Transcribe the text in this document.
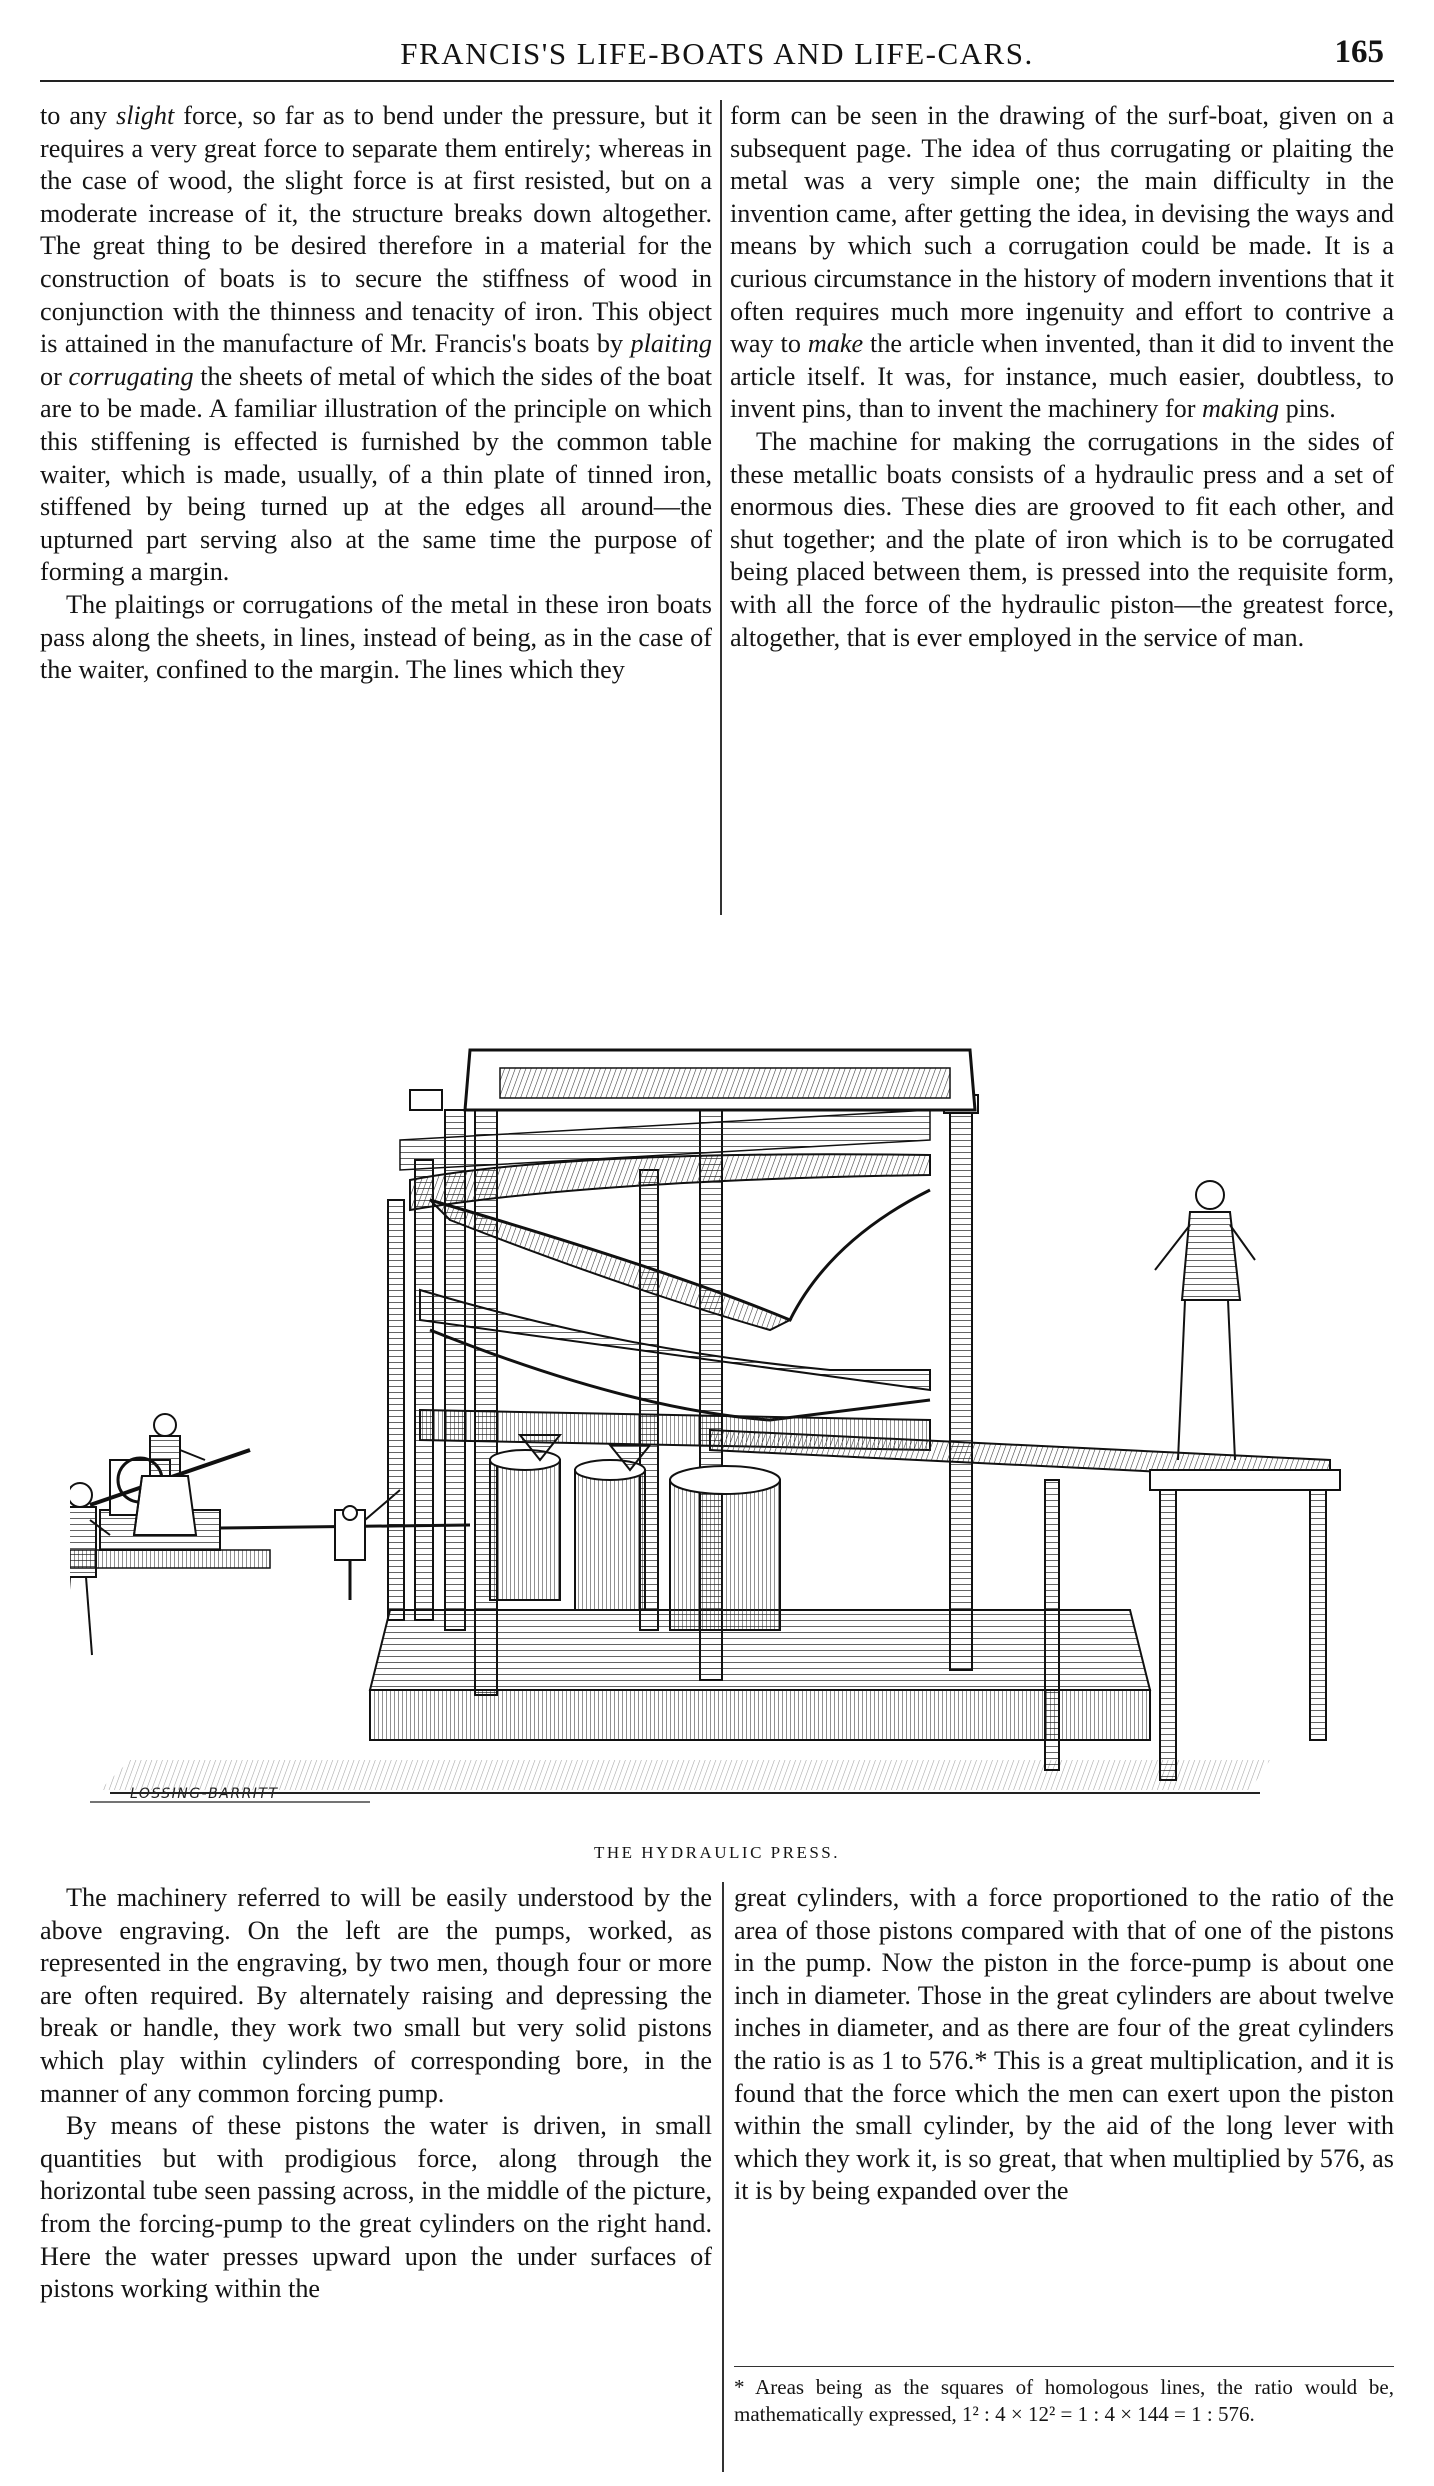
FRANCIS'S LIFE-BOATS AND LIFE-CARS.	165

to any slight force, so far as to bend under the pressure, but it requires a very great force to separate them entirely; whereas in the case of wood, the slight force is at first resisted, but on a moderate increase of it, the structure breaks down altogether. The great thing to be desired therefore in a material for the construction of boats is to secure the stiffness of wood in conjunction with the thinness and tenacity of iron. This object is attained in the manufacture of Mr. Francis's boats by plaiting or corrugating the sheets of metal of which the sides of the boat are to be made. A familiar illustration of the principle on which this stiffening is effected is furnished by the common table waiter, which is made, usually, of a thin plate of tinned iron, stiffened by being turned up at the edges all around—the upturned part serving also at the same time the purpose of forming a margin.

The plaitings or corrugations of the metal in these iron boats pass along the sheets, in lines, instead of being, as in the case of the waiter, confined to the margin. The lines which they

form can be seen in the drawing of the surf-boat, given on a subsequent page. The idea of thus corrugating or plaiting the metal was a very simple one; the main difficulty in the invention came, after getting the idea, in devising the ways and means by which such a corrugation could be made. It is a curious circumstance in the history of modern inventions that it often requires much more ingenuity and effort to contrive a way to make the article when invented, than it did to invent the article itself. It was, for instance, much easier, doubtless, to invent pins, than to invent the machinery for making pins.

The machine for making the corrugations in the sides of these metallic boats consists of a hydraulic press and a set of enormous dies. These dies are grooved to fit each other, and shut together; and the plate of iron which is to be corrugated being placed between them, is pressed into the requisite form, with all the force of the hydraulic piston—the greatest force, altogether, that is ever employed in the service of man.

LOSSING-BARRITT
THE HYDRAULIC PRESS.

The machinery referred to will be easily understood by the above engraving. On the left are the pumps, worked, as represented in the engraving, by two men, though four or more are often required. By alternately raising and depressing the break or handle, they work two small but very solid pistons which play within cylinders of corresponding bore, in the manner of any common forcing pump.

By means of these pistons the water is driven, in small quantities but with prodigious force, along through the horizontal tube seen passing across, in the middle of the picture, from the forcing-pump to the great cylinders on the right hand. Here the water presses upward upon the under surfaces of pistons working within the

great cylinders, with a force proportioned to the ratio of the area of those pistons compared with that of one of the pistons in the pump. Now the piston in the force-pump is about one inch in diameter. Those in the great cylinders are about twelve inches in diameter, and as there are four of the great cylinders the ratio is as 1 to 576.* This is a great multiplication, and it is found that the force which the men can exert upon the piston within the small cylinder, by the aid of the long lever with which they work it, is so great, that when multiplied by 576, as it is by being expanded over the

* Areas being as the squares of homologous lines, the ratio would be, mathematically expressed, 1² : 4 × 12² = 1 : 4 × 144 = 1 : 576.
